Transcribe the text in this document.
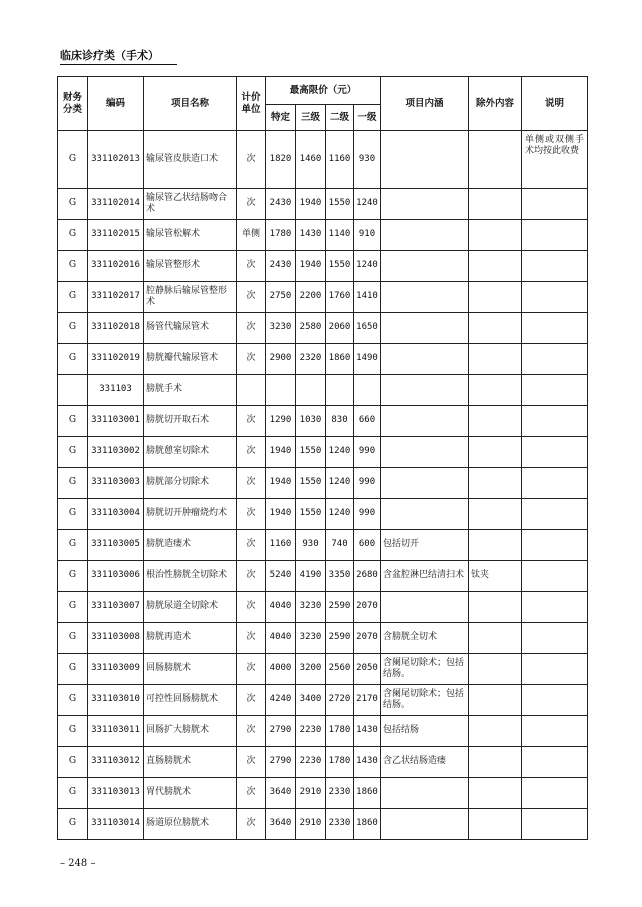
临床诊疗类（手术）
财务分类	编码	项目名称	计价单位	最高限价（元）				项目内涵	除外内容	说明
				特定	三级	二级	一级			
G	331102013	输尿管皮肤造口术	次	1820	1460	1160	930			单侧或双侧手术均按此收费
G	331102014	输尿管乙状结肠吻合术	次	2430	1940	1550	1240			
G	331102015	输尿管松解术	单侧	1780	1430	1140	910			
G	331102016	输尿管整形术	次	2430	1940	1550	1240			
G	331102017	腔静脉后输尿管整形术	次	2750	2200	1760	1410			
G	331102018	肠管代输尿管术	次	3230	2580	2060	1650			
G	331102019	膀胱瓣代输尿管术	次	2900	2320	1860	1490			
	331103	膀胱手术								
G	331103001	膀胱切开取石术	次	1290	1030	830	660			
G	331103002	膀胱憩室切除术	次	1940	1550	1240	990			
G	331103003	膀胱部分切除术	次	1940	1550	1240	990			
G	331103004	膀胱切开肿瘤烧灼术	次	1940	1550	1240	990			
G	331103005	膀胱造瘘术	次	1160	930	740	600	包括切开		
G	331103006	根治性膀胱全切除术	次	5240	4190	3350	2680	含盆腔淋巴结清扫术	钛夹	
G	331103007	膀胱尿道全切除术	次	4040	3230	2590	2070			
G	331103008	膀胱再造术	次	4040	3230	2590	2070	含膀胱全切术		
G	331103009	回肠膀胱术	次	4000	3200	2560	2050	含阑尾切除术；包括结肠。		
G	331103010	可控性回肠膀胱术	次	4240	3400	2720	2170	含阑尾切除术；包括结肠。		
G	331103011	回肠扩大膀胱术	次	2790	2230	1780	1430	包括结肠		
G	331103012	直肠膀胱术	次	2790	2230	1780	1430	含乙状结肠造瘘		
G	331103013	胃代膀胱术	次	3640	2910	2330	1860			
G	331103014	肠道原位膀胱术	次	3640	2910	2330	1860			
– 248 –
